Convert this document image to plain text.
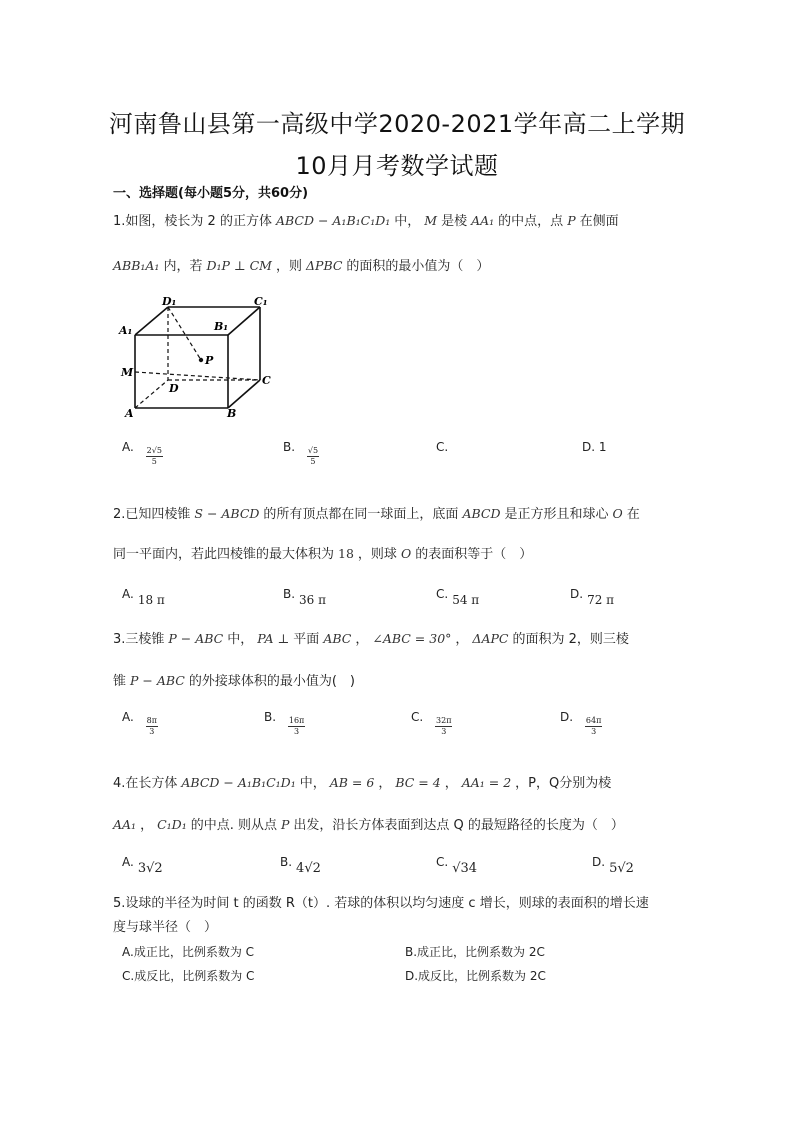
河南鲁山县第一高级中学2020-2021学年高二上学期
10月月考数学试题
一、选择题(每小题5分，共60分)
1.如图，棱长为 2 的正方体 ABCD − A₁B₁C₁D₁ 中， M 是棱 AA₁ 的中点，点 P 在侧面
ABB₁A₁ 内，若 D₁P ⊥ CM ，则 ΔPBC 的面积的最小值为（　）
D₁	C₁
A₁	B₁
P
M
D
C
A	B
A. $\frac{2√5}{5}$	B. $\frac{√5}{5}$	C.	D. 1
2.已知四棱锥 S − ABCD 的所有顶点都在同一球面上，底面 ABCD 是正方形且和球心 O 在
同一平面内，若此四棱锥的最大体积为 18 ，则球 O 的表面积等于（　）
A. 18 π	B. 36 π	C. 54 π	D. 72 π
3.三棱锥 P − ABC 中， PA ⊥ 平面 ABC ， ∠ABC = 30° ， ΔAPC 的面积为 2，则三棱
锥 P − ABC 的外接球体积的最小值为(　)
A. $\frac{8\pi}{3}$	B. $\frac{16\pi}{3}$	C. $\frac{32\pi}{3}$	D. $\frac{64\pi}{3}$
4.在长方体 ABCD − A₁B₁C₁D₁ 中， AB = 6 ， BC = 4 ， AA₁ = 2 ，P，Q分别为棱
AA₁ ， C₁D₁ 的中点. 则从点 P 出发，沿长方体表面到达点 Q 的最短路径的长度为（　）
A. 3√2	B. 4√2	C. √34	D. 5√2
5.设球的半径为时间 t 的函数 R（t）. 若球的体积以均匀速度 c 增长，则球的表面积的增长速
度与球半径（　）
A.成正比，比例系数为 C	B.成正比，比例系数为 2C
C.成反比，比例系数为 C	D.成反比，比例系数为 2C
